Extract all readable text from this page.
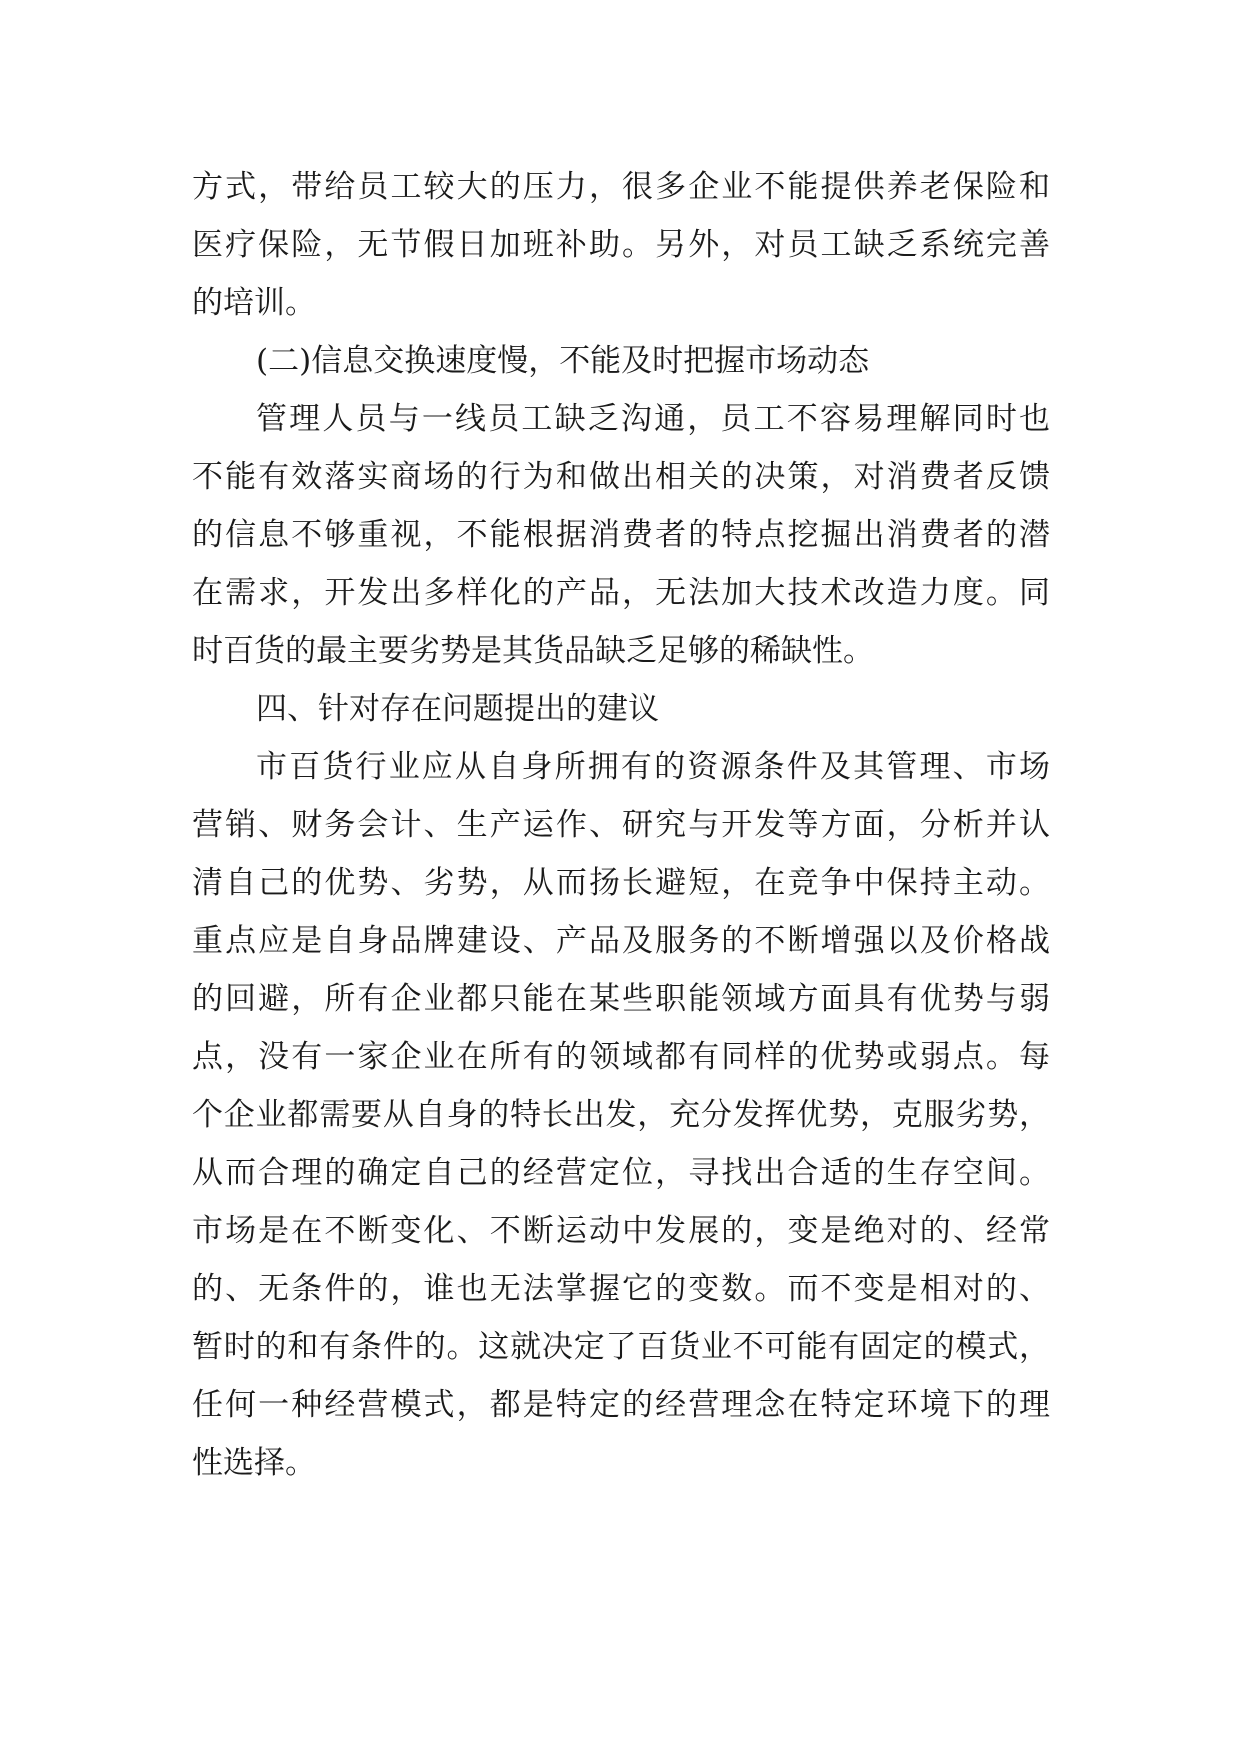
方式，带给员工较大的压力，很多企业不能提供养老保险和
医疗保险，无节假日加班补助。另外，对员工缺乏系统完善
的培训。
(二)信息交换速度慢，不能及时把握市场动态
管理人员与一线员工缺乏沟通，员工不容易理解同时也
不能有效落实商场的行为和做出相关的决策，对消费者反馈
的信息不够重视，不能根据消费者的特点挖掘出消费者的潜
在需求，开发出多样化的产品，无法加大技术改造力度。同
时百货的最主要劣势是其货品缺乏足够的稀缺性。
四、针对存在问题提出的建议
市百货行业应从自身所拥有的资源条件及其管理、市场
营销、财务会计、生产运作、研究与开发等方面，分析并认
清自己的优势、劣势，从而扬长避短，在竞争中保持主动。
重点应是自身品牌建设、产品及服务的不断增强以及价格战
的回避，所有企业都只能在某些职能领域方面具有优势与弱
点，没有一家企业在所有的领域都有同样的优势或弱点。每
个企业都需要从自身的特长出发，充分发挥优势，克服劣势，
从而合理的确定自己的经营定位，寻找出合适的生存空间。
市场是在不断变化、不断运动中发展的，变是绝对的、经常
的、无条件的，谁也无法掌握它的变数。而不变是相对的、
暂时的和有条件的。这就决定了百货业不可能有固定的模式，
任何一种经营模式，都是特定的经营理念在特定环境下的理
性选择。
